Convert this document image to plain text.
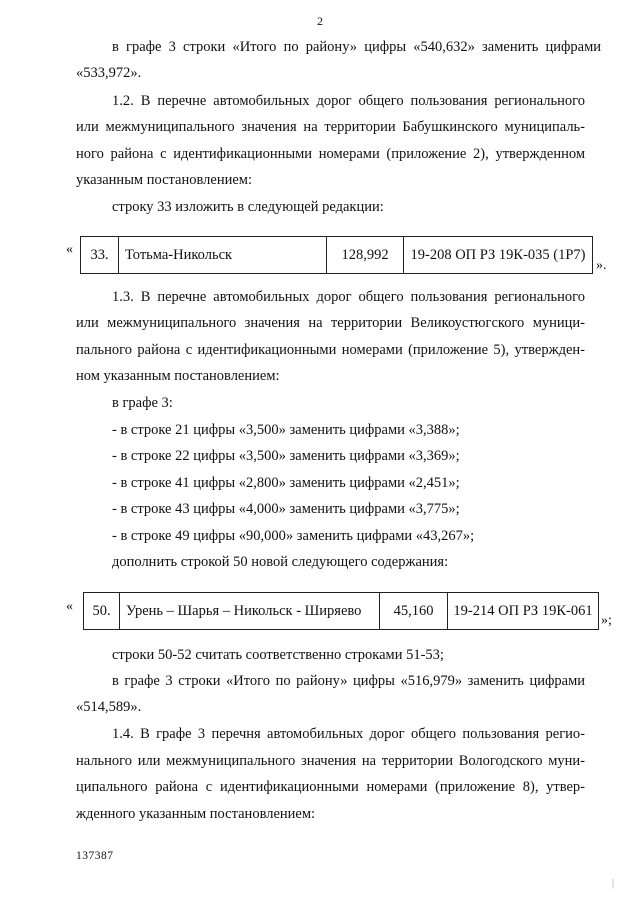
2
в графе 3 строки «Итого по району» цифры «540,632» заменить цифрами
«533,972».
1.2. В перечне автомобильных дорог общего пользования регионального
или межмуниципального значения на территории Бабушкинского муниципаль-
ного района с идентификационными номерами (приложение 2), утвержденном
указанным постановлением:
строку 33 изложить в следующей редакции:
«	33.	Тотьма-Никольск	128,992	19-208 ОП РЗ 19К-035 (1Р7)
».
1.3. В перечне автомобильных дорог общего пользования регионального
или межмуниципального значения на территории Великоустюгского муници-
пального района с идентификационными номерами (приложение 5), утвержден-
ном указанным постановлением:
в графе 3:
- в строке 21 цифры «3,500» заменить цифрами «3,388»;
- в строке 22 цифры «3,500» заменить цифрами «3,369»;
- в строке 41 цифры «2,800» заменить цифрами «2,451»;
- в строке 43 цифры «4,000» заменить цифрами «3,775»;
- в строке 49 цифры «90,000» заменить цифрами «43,267»;
дополнить строкой 50 новой следующего содержания:
«	50.	Урень – Шарья – Никольск - Ширяево	45,160	19-214 ОП РЗ 19К-061
»;
строки 50-52 считать соответственно строками 51-53;
в графе 3 строки «Итого по району» цифры «516,979» заменить цифрами
«514,589».
1.4. В графе 3 перечня автомобильных дорог общего пользования регио-
нального или межмуниципального значения на территории Вологодского муни-
ципального района с идентификационными номерами (приложение 8), утвер-
жденного указанным постановлением:
137387
|
